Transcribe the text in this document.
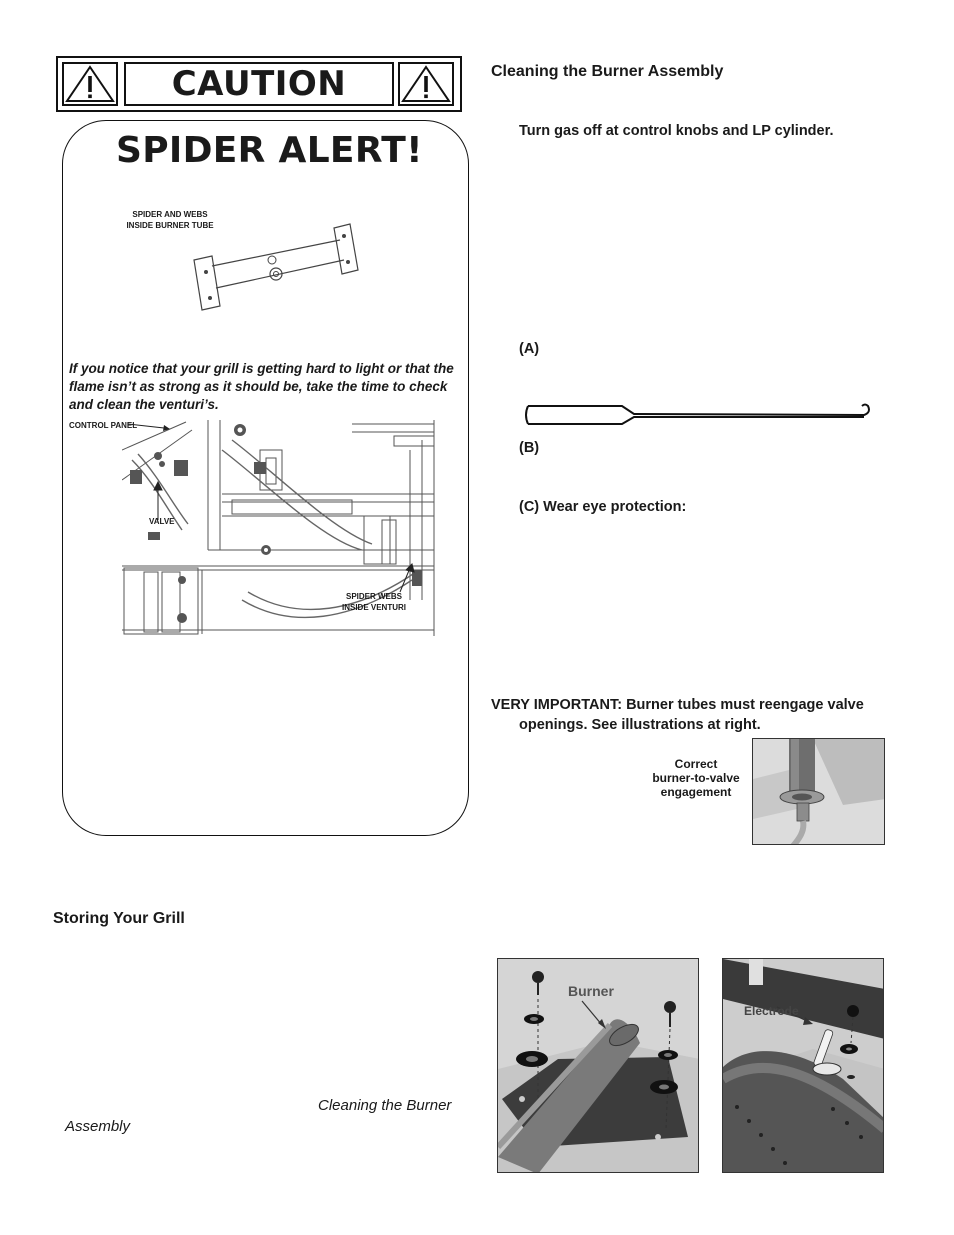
CAUTION
SPIDER ALERT!
SPIDER AND WEBS
INSIDE BURNER TUBE
If you notice that your grill is getting hard to light or that the flame isn’t as strong as it should be, take the time to check and clean the venturi’s.
CONTROL PANEL
VALVE
SPIDER WEBS
INSIDE VENTURI
Cleaning the Burner Assembly
Turn gas off at control knobs and LP cylinder.
(A)
(B)
(C) Wear eye protection:
VERY IMPORTANT: Burner tubes must reengage valve
openings. See illustrations at right.
Correct
burner-to-valve
engagement
Storing Your Grill
Cleaning the Burner
Assembly
Burner
Electrode
